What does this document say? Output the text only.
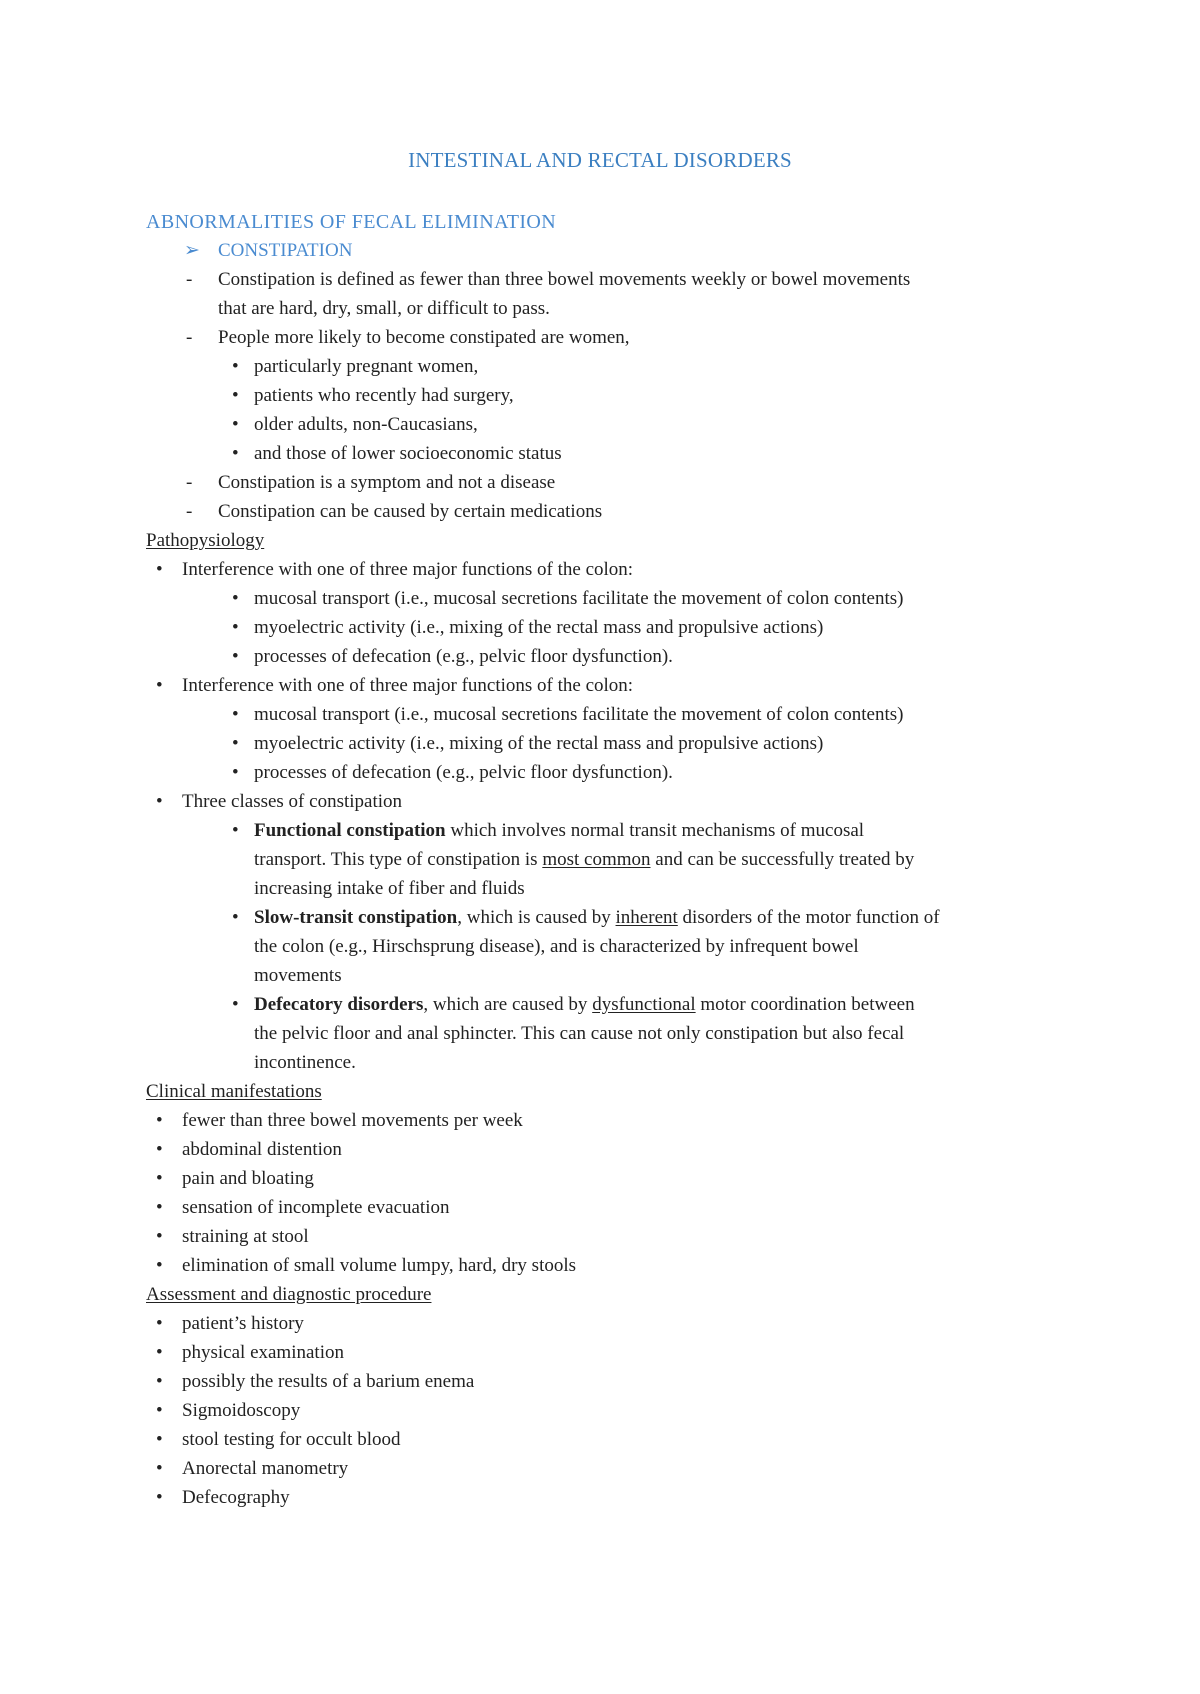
INTESTINAL AND RECTAL DISORDERS
ABNORMALITIES OF FECAL ELIMINATION
➢ CONSTIPATION
- Constipation is defined as fewer than three bowel movements weekly or bowel movements
that are hard, dry, small, or difficult to pass.
- People more likely to become constipated are women,
• particularly pregnant women,
• patients who recently had surgery,
• older adults, non-Caucasians,
• and those of lower socioeconomic status
- Constipation is a symptom and not a disease
- Constipation can be caused by certain medications
Pathopysiology
• Interference with one of three major functions of the colon:
• mucosal transport (i.e., mucosal secretions facilitate the movement of colon contents)
• myoelectric activity (i.e., mixing of the rectal mass and propulsive actions)
• processes of defecation (e.g., pelvic floor dysfunction).
• Interference with one of three major functions of the colon:
• mucosal transport (i.e., mucosal secretions facilitate the movement of colon contents)
• myoelectric activity (i.e., mixing of the rectal mass and propulsive actions)
• processes of defecation (e.g., pelvic floor dysfunction).
• Three classes of constipation
• Functional constipation which involves normal transit mechanisms of mucosal
transport. This type of constipation is most common and can be successfully treated by
increasing intake of fiber and fluids
• Slow-transit constipation, which is caused by inherent disorders of the motor function of
the colon (e.g., Hirschsprung disease), and is characterized by infrequent bowel
movements
• Defecatory disorders, which are caused by dysfunctional motor coordination between
the pelvic floor and anal sphincter. This can cause not only constipation but also fecal
incontinence.
Clinical manifestations
• fewer than three bowel movements per week
• abdominal distention
• pain and bloating
• sensation of incomplete evacuation
• straining at stool
• elimination of small volume lumpy, hard, dry stools
Assessment and diagnostic procedure
• patient’s history
• physical examination
• possibly the results of a barium enema
• Sigmoidoscopy
• stool testing for occult blood
• Anorectal manometry
• Defecography
